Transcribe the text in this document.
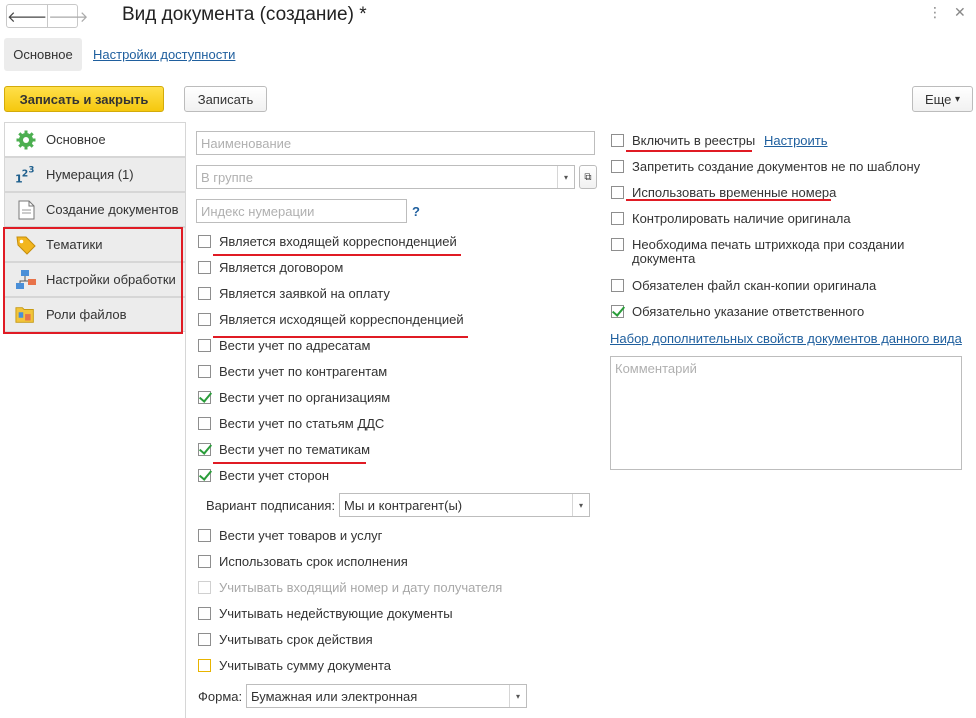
🡐 🡒 Вид документа (создание) *	⋮ ✕
Основное	Настройки доступности
Записать и закрыть	Записать	Еще
▾
Основное
1 2 3 Нумерация (1)
Создание документов
Тематики
Настройки обработки
Роли файлов
Наименование
В группе	▾	⧉
Индекс нумерации	?
Является входящей корреспонденцией
Является договором
Является заявкой на оплату
Является исходящей корреспонденцией
Вести учет по адресатам
Вести учет по контрагентам
Вести учет по организациям
Вести учет по статьям ДДС
Вести учет по тематикам
Вести учет сторон
Вариант подписания: Мы и контрагент(ы)	▾
Вести учет товаров и услуг
Использовать срок исполнения
Учитывать входящий номер и дату получателя
Учитывать недействующие документы
Учитывать срок действия
Учитывать сумму документа
Форма: Бумажная или электронная	▾
Включить в реестры
Запретить создание документов не по шаблону
Использовать временные номера
Контролировать наличие оригинала
Необходима печать штрихкода при создании
документа
Обязателен файл скан-копии оригинала
Обязательно указание ответственного
Настроить
Набор дополнительных свойств документов данного вида
Комментарий
